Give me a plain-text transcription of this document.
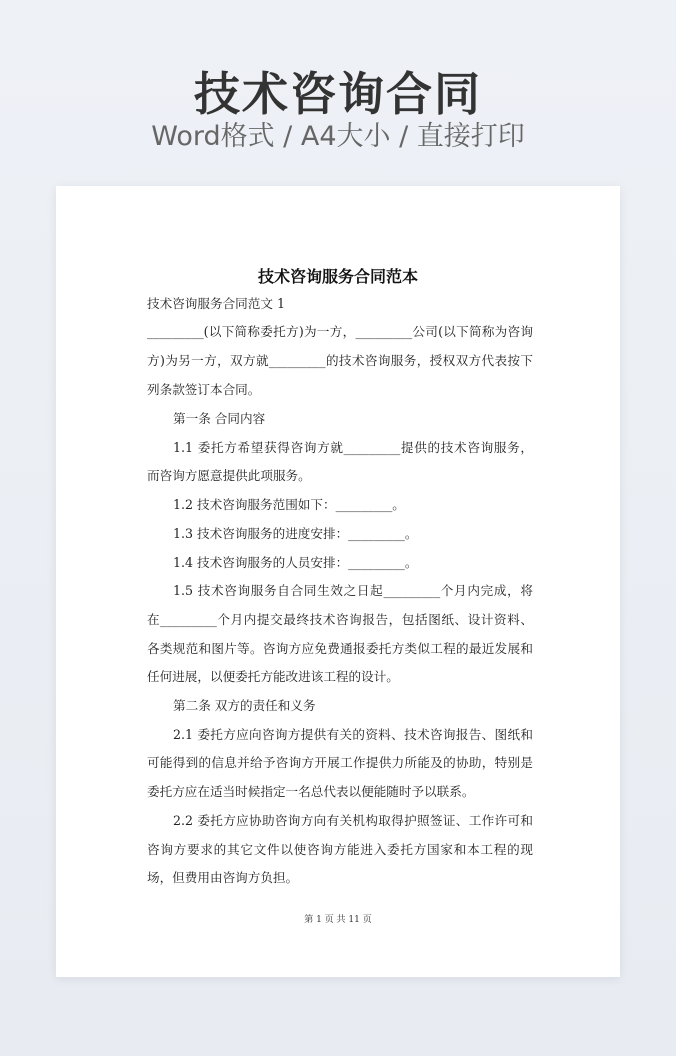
技术咨询合同
Word格式 / A4大小 / 直接打印
技术咨询服务合同范本
技术咨询服务合同范文 1
_________(以下简称委托方)为一方，_________公司(以下简称为咨询
方)为另一方，双方就_________的技术咨询服务，授权双方代表按下
列条款签订本合同。
第一条 合同内容
1.1 委托方希望获得咨询方就_________提供的技术咨询服务，
而咨询方愿意提供此项服务。
1.2 技术咨询服务范围如下：_________。
1.3 技术咨询服务的进度安排：_________。
1.4 技术咨询服务的人员安排：_________。
1.5 技术咨询服务自合同生效之日起_________个月内完成，将
在_________个月内提交最终技术咨询报告，包括图纸、设计资料、
各类规范和图片等。咨询方应免费通报委托方类似工程的最近发展和
任何进展，以便委托方能改进该工程的设计。
第二条 双方的责任和义务
2.1 委托方应向咨询方提供有关的资料、技术咨询报告、图纸和
可能得到的信息并给予咨询方开展工作提供力所能及的协助，特别是
委托方应在适当时候指定一名总代表以便能随时予以联系。
2.2 委托方应协助咨询方向有关机构取得护照签证、工作许可和
咨询方要求的其它文件以使咨询方能进入委托方国家和本工程的现
场，但费用由咨询方负担。
第 1 页 共 11 页
